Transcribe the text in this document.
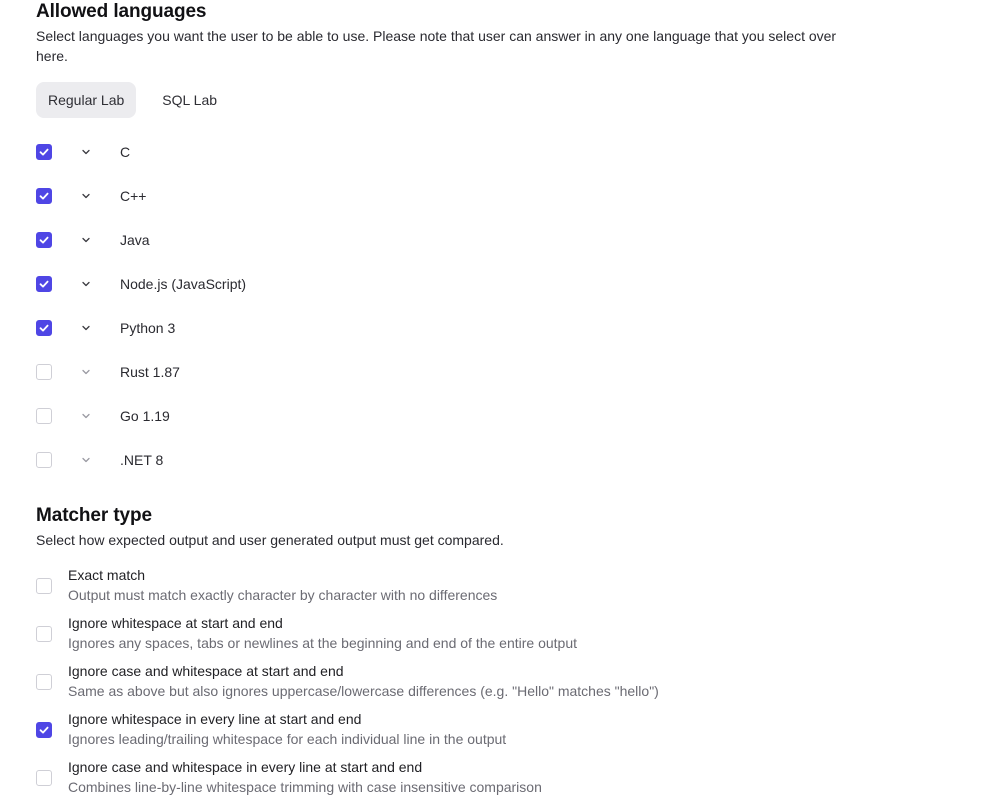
Allowed languages

Select languages you want the user to be able to use. Please note that user can answer in any one language that you select over here.

Regular Lab	SQL Lab
C
C++
Java
Node.js (JavaScript)
Python 3
Rust 1.87
Go 1.19
.NET 8
Matcher type

Select how expected output and user generated output must get compared.

Exact match
Output must match exactly character by character with no differences
Ignore whitespace at start and end
Ignores any spaces, tabs or newlines at the beginning and end of the entire output
Ignore case and whitespace at start and end
Same as above but also ignores uppercase/lowercase differences (e.g. "Hello" matches "hello")
Ignore whitespace in every line at start and end
Ignores leading/trailing whitespace for each individual line in the output
Ignore case and whitespace in every line at start and end
Combines line-by-line whitespace trimming with case insensitive comparison
